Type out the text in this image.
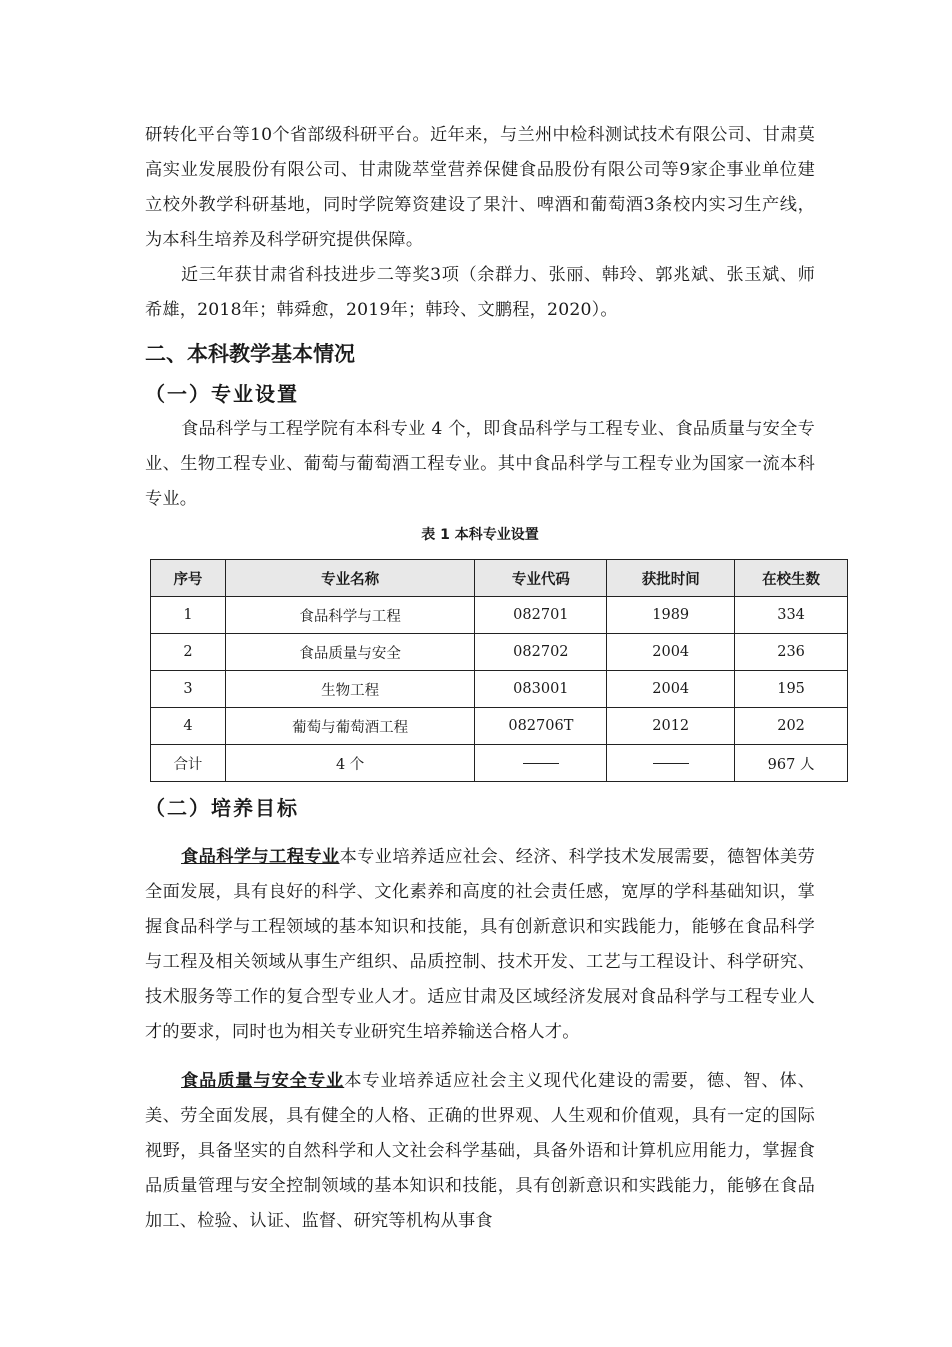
研转化平台等10个省部级科研平台。近年来，与兰州中检科测试技术有限公司、甘肃莫高实业发展股份有限公司、甘肃陇萃堂营养保健食品股份有限公司等9家企事业单位建立校外教学科研基地，同时学院筹资建设了果汁、啤酒和葡萄酒3条校内实习生产线，为本科生培养及科学研究提供保障。

近三年获甘肃省科技进步二等奖3项（余群力、张丽、韩玲、郭兆斌、张玉斌、师希雄，2018年；韩舜愈，2019年；韩玲、文鹏程，2020）。

二、本科教学基本情况
（一）专业设置

食品科学与工程学院有本科专业 4 个，即食品科学与工程专业、食品质量与安全专业、生物工程专业、葡萄与葡萄酒工程专业。其中食品科学与工程专业为国家一流本科专业。

表 1 本科专业设置
序号	专业名称	专业代码	获批时间	在校生数
1	食品科学与工程	082701	1989	334
2	食品质量与安全	082702	2004	236
3	生物工程	083001	2004	195
4	葡萄与葡萄酒工程	082706T	2012	202
合计	4 个			967 人
（二）培养目标

食品科学与工程专业本专业培养适应社会、经济、科学技术发展需要，德智体美劳全面发展，具有良好的科学、文化素养和高度的社会责任感，宽厚的学科基础知识，掌握食品科学与工程领域的基本知识和技能，具有创新意识和实践能力，能够在食品科学与工程及相关领域从事生产组织、品质控制、技术开发、工艺与工程设计、科学研究、技术服务等工作的复合型专业人才。适应甘肃及区域经济发展对食品科学与工程专业人才的要求，同时也为相关专业研究生培养输送合格人才。

食品质量与安全专业本专业培养适应社会主义现代化建设的需要，德、智、体、美、劳全面发展，具有健全的人格、正确的世界观、人生观和价值观，具有一定的国际视野，具备坚实的自然科学和人文社会科学基础，具备外语和计算机应用能力，掌握食品质量管理与安全控制领域的基本知识和技能，具有创新意识和实践能力，能够在食品加工、检验、认证、监督、研究等机构从事食
